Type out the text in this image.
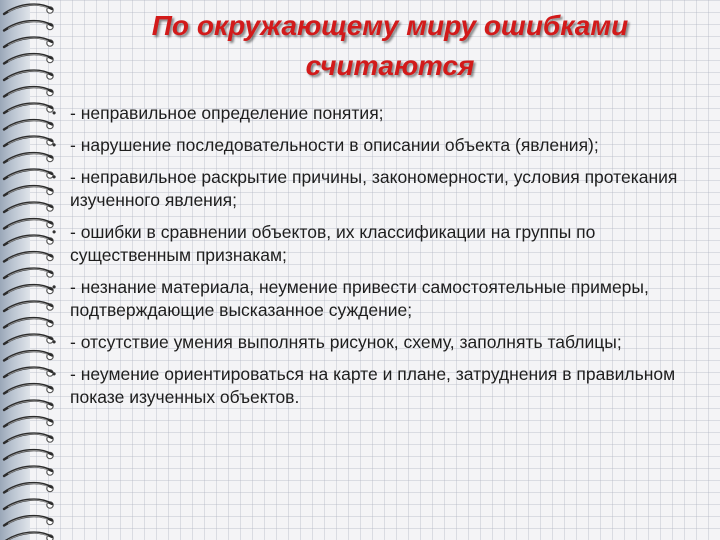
По окружающему миру ошибками
считаются
• - неправильное определение понятия;
• - нарушение последовательности в описании объекта (явления);
• - неправильное раскрытие причины, закономерности, условия протекания изученного явления;
• - ошибки в сравнении объектов, их классификации на группы по существенным признакам;
• - незнание материала, неумение привести самостоятельные примеры, подтверждающие высказанное суждение;
• - отсутствие умения выполнять рисунок, схему, заполнять таблицы;
• - неумение ориентироваться на карте и плане, затруднения в правильном показе изученных объектов.
